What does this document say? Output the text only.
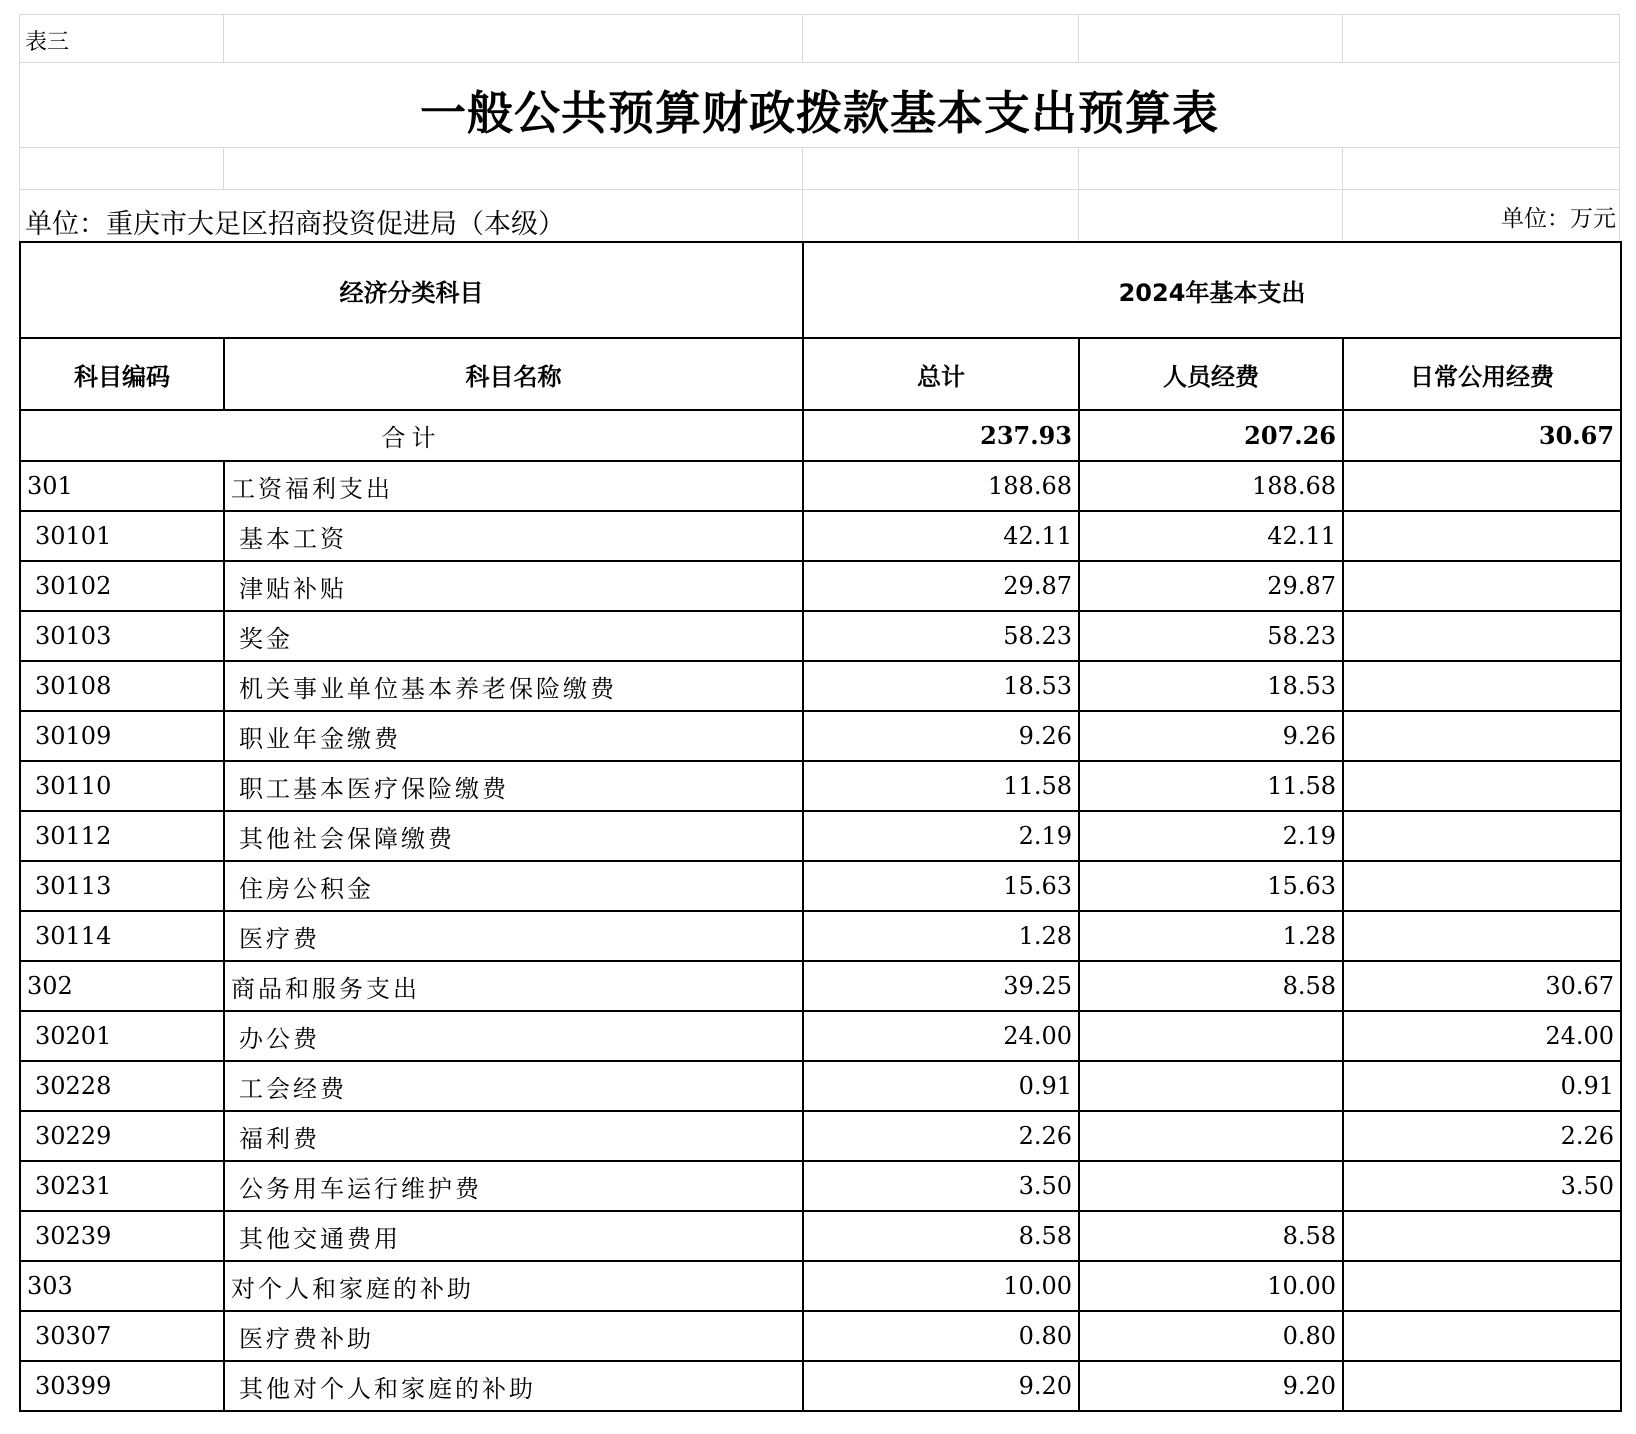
表三
一般公共预算财政拨款基本支出预算表
单位：重庆市大足区招商投资促进局（本级）	单位：万元
经济分类科目		2024年基本支出		
科目编码	科目名称	总计	人员经费	日常公用经费
合计		237.93	207.26	30.67
301	工资福利支出	188.68	188.68	
30101	基本工资	42.11	42.11	
30102	津贴补贴	29.87	29.87	
30103	奖金	58.23	58.23	
30108	机关事业单位基本养老保险缴费	18.53	18.53	
30109	职业年金缴费	9.26	9.26	
30110	职工基本医疗保险缴费	11.58	11.58	
30112	其他社会保障缴费	2.19	2.19	
30113	住房公积金	15.63	15.63	
30114	医疗费	1.28	1.28	
302	商品和服务支出	39.25	8.58	30.67
30201	办公费	24.00		24.00
30228	工会经费	0.91		0.91
30229	福利费	2.26		2.26
30231	公务用车运行维护费	3.50		3.50
30239	其他交通费用	8.58	8.58	
303	对个人和家庭的补助	10.00	10.00	
30307	医疗费补助	0.80	0.80	
30399	其他对个人和家庭的补助	9.20	9.20	
